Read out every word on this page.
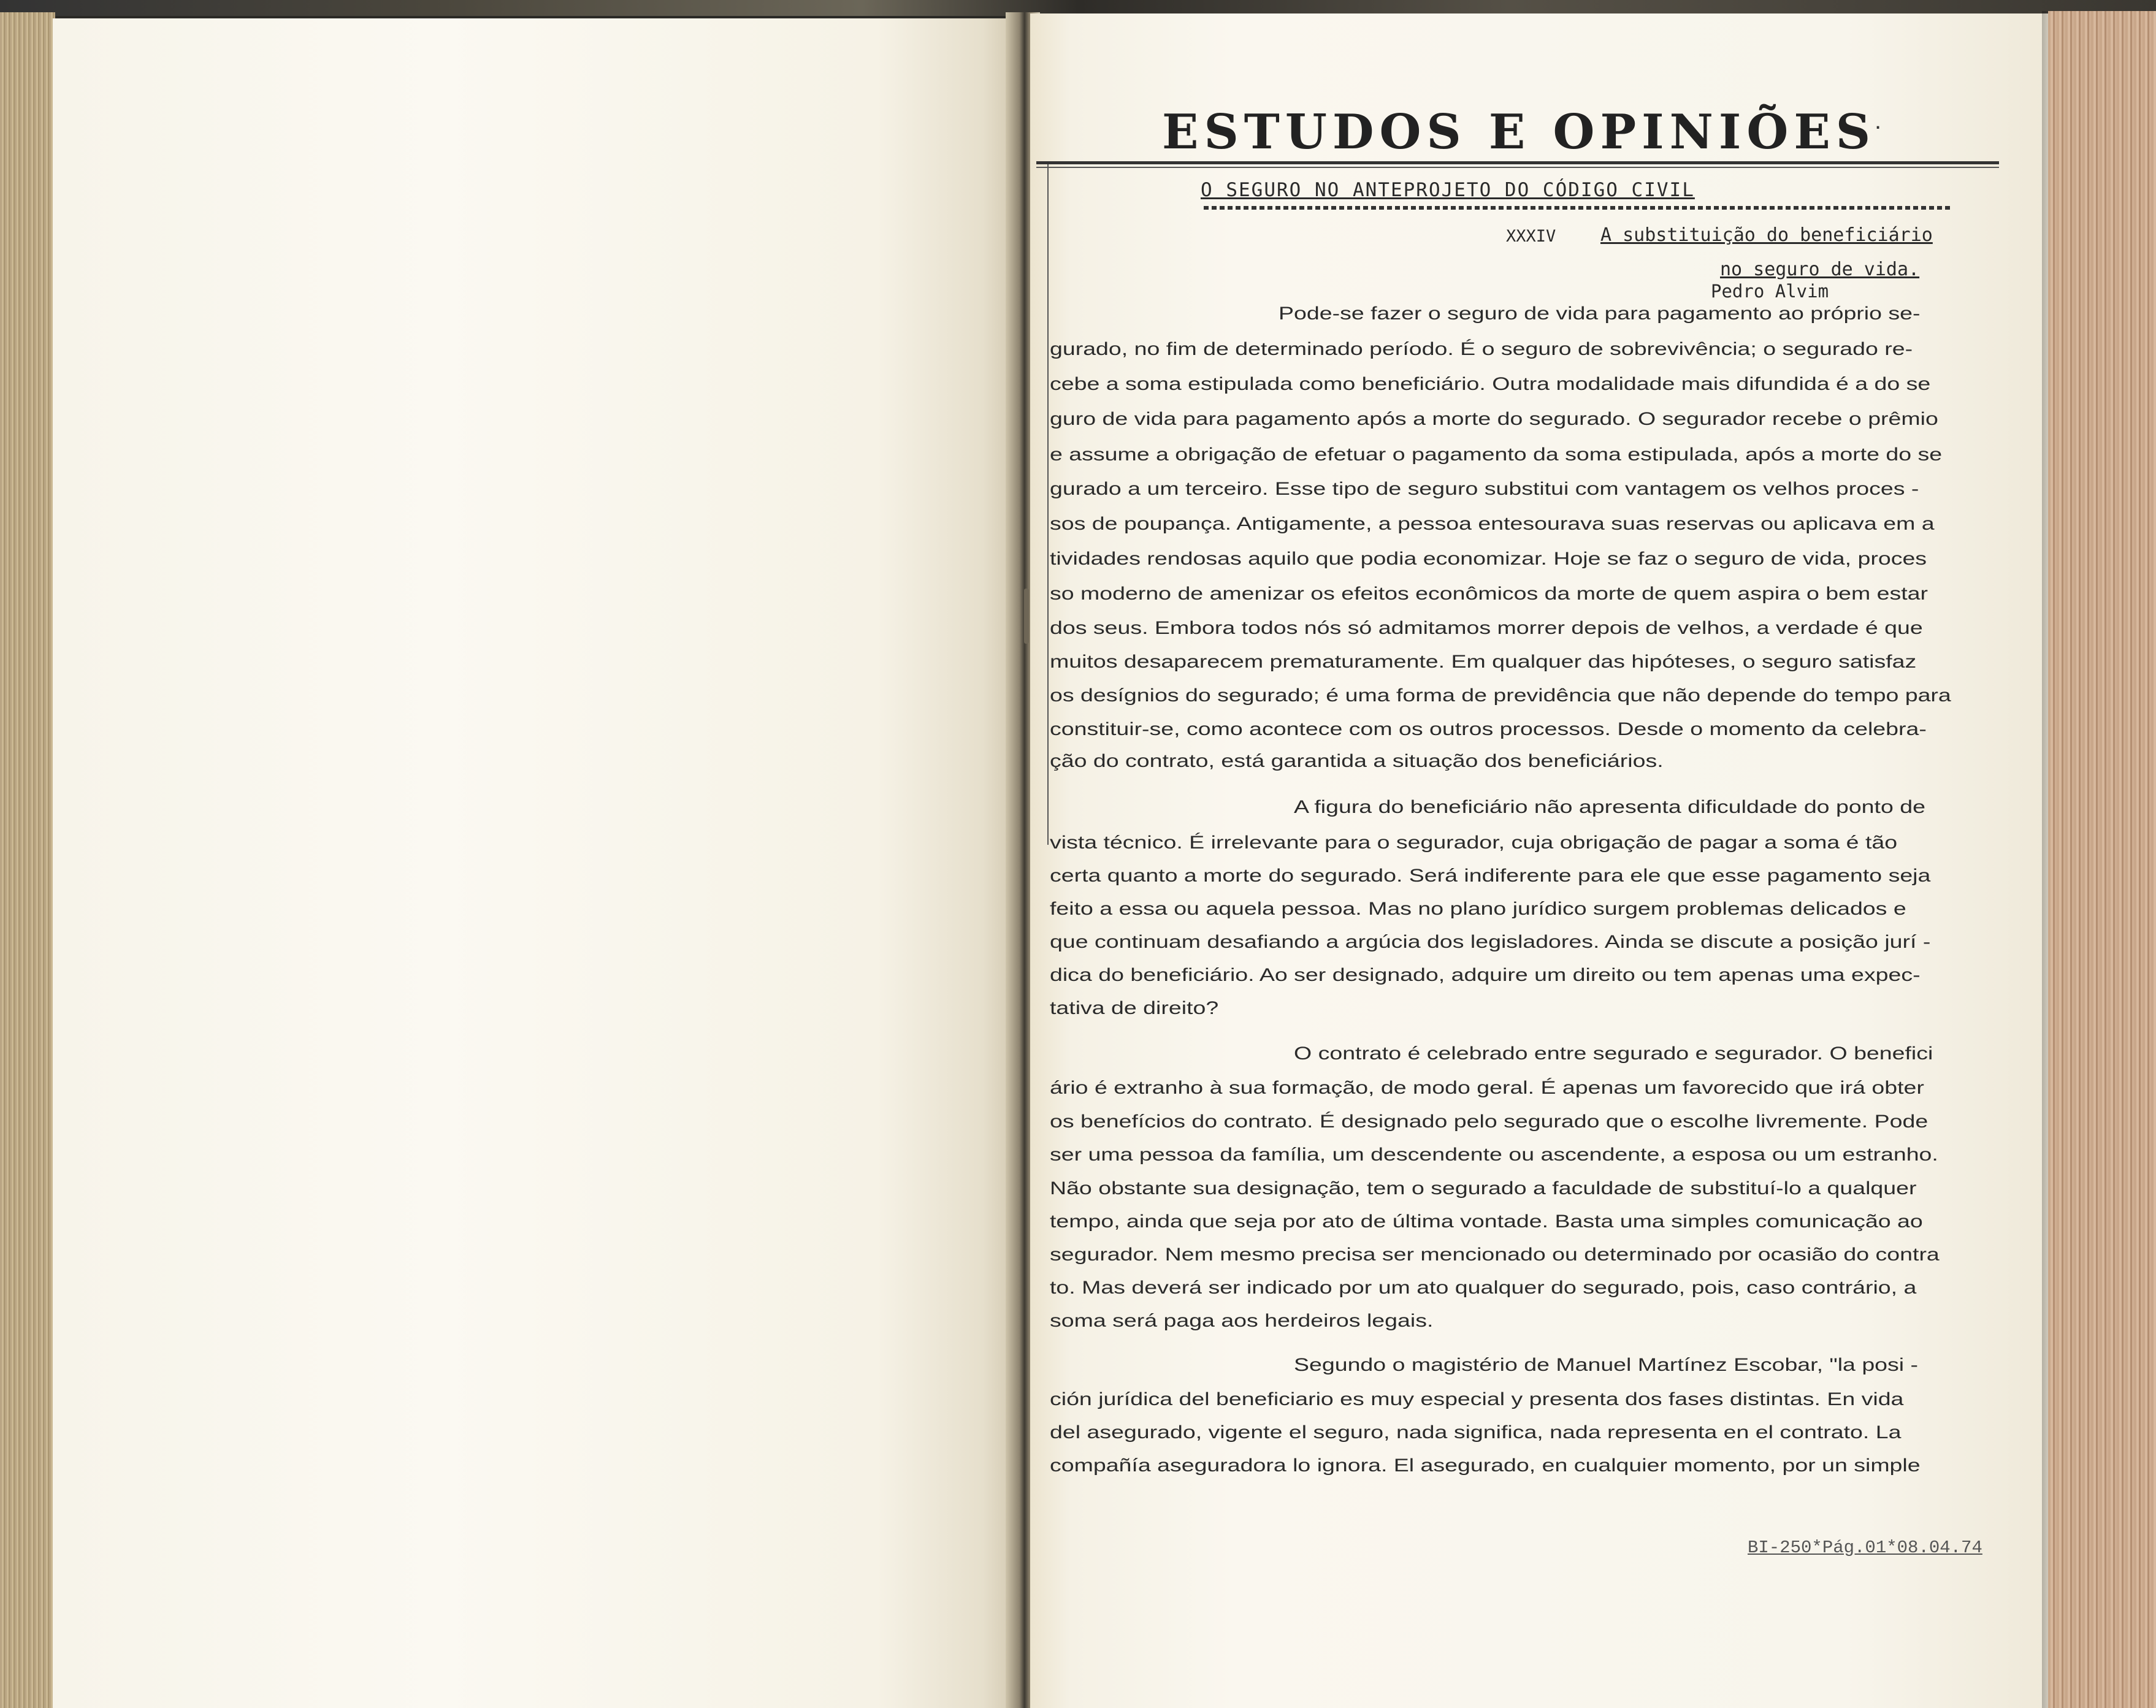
ESTUDOS E OPINIÕES
.
O SEGURO NO ANTEPROJETO DO CÓDIGO CIVIL
XXXIV A substituição do beneficiário
no seguro de vida.
Pedro Alvim
Pode-se fazer o seguro de vida para pagamento ao próprio se-
gurado, no fim de determinado período. É o seguro de sobrevivência; o segurado re-
cebe a soma estipulada como beneficiário. Outra modalidade mais difundida é a do se
guro de vida para pagamento após a morte do segurado. O segurador recebe o prêmio
e assume a obrigação de efetuar o pagamento da soma estipulada, após a morte do se
gurado a um terceiro. Esse tipo de seguro substitui com vantagem os velhos proces -
sos de poupança. Antigamente, a pessoa entesourava suas reservas ou aplicava em a
tividades rendosas aquilo que podia economizar. Hoje se faz o seguro de vida, proces
so moderno de amenizar os efeitos econômicos da morte de quem aspira o bem estar
dos seus. Embora todos nós só admitamos morrer depois de velhos, a verdade é que
muitos desaparecem prematuramente. Em qualquer das hipóteses, o seguro satisfaz
os desígnios do segurado; é uma forma de previdência que não depende do tempo para
constituir-se, como acontece com os outros processos. Desde o momento da celebra-
ção do contrato, está garantida a situação dos beneficiários.
A figura do beneficiário não apresenta dificuldade do ponto de
vista técnico. É irrelevante para o segurador, cuja obrigação de pagar a soma é tão
certa quanto a morte do segurado. Será indiferente para ele que esse pagamento seja
feito a essa ou aquela pessoa. Mas no plano jurídico surgem problemas delicados e
que continuam desafiando a argúcia dos legisladores. Ainda se discute a posição jurí -
dica do beneficiário. Ao ser designado, adquire um direito ou tem apenas uma expec-
tativa de direito?
O contrato é celebrado entre segurado e segurador. O benefici
ário é extranho à sua formação, de modo geral. É apenas um favorecido que irá obter
os benefícios do contrato. É designado pelo segurado que o escolhe livremente. Pode
ser uma pessoa da família, um descendente ou ascendente, a esposa ou um estranho.
Não obstante sua designação, tem o segurado a faculdade de substituí-lo a qualquer
tempo, ainda que seja por ato de última vontade. Basta uma simples comunicação ao
segurador. Nem mesmo precisa ser mencionado ou determinado por ocasião do contra
to. Mas deverá ser indicado por um ato qualquer do segurado, pois, caso contrário, a
soma será paga aos herdeiros legais.
Segundo o magistério de Manuel Martínez Escobar, "la posi -
ción jurídica del beneficiario es muy especial y presenta dos fases distintas. En vida
del asegurado, vigente el seguro, nada significa, nada representa en el contrato. La
compañía aseguradora lo ignora. El asegurado, en cualquier momento, por un simple
BI-250*Pág.01*08.04.74
